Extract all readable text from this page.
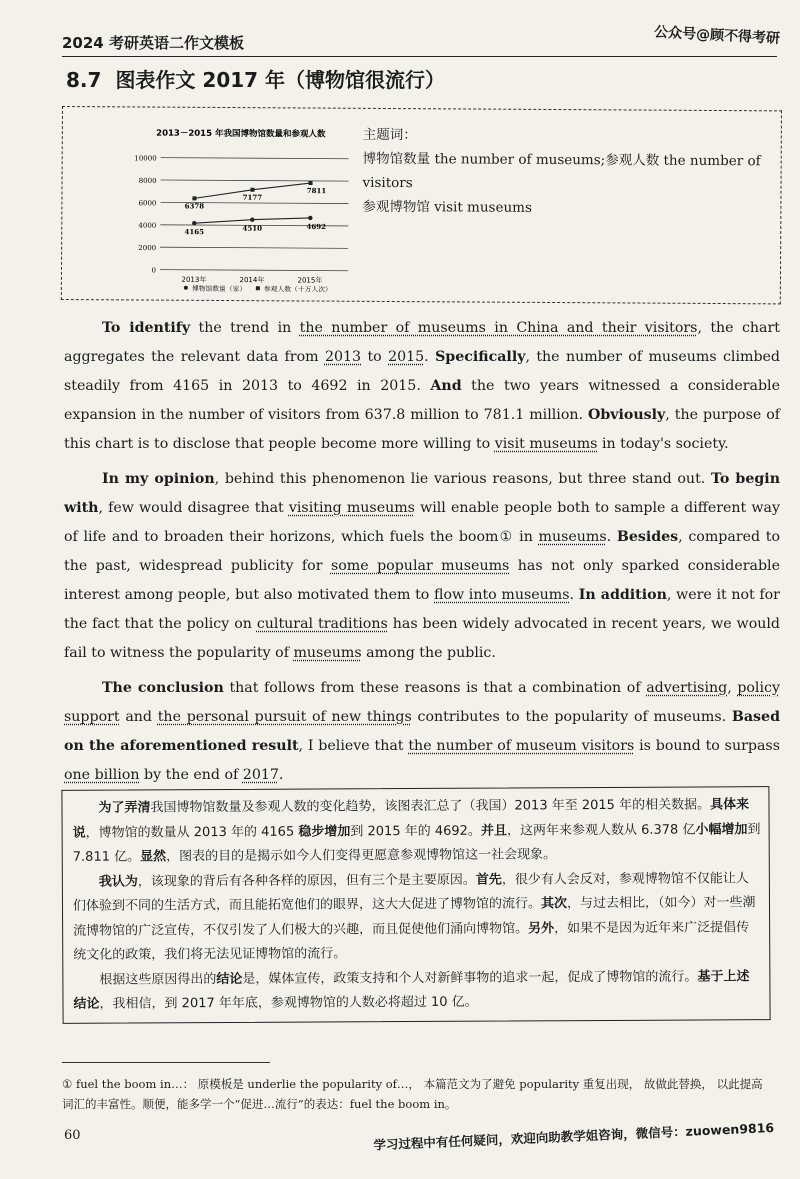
2024 考研英语二作文模板	公众号@顾不得考研
8.7 图表作文 2017 年（博物馆很流行）
2013－2015 年我国博物馆数量和参观人数
10000
8000
6000
4000
2000
0
2013年	2014年	2015年
4165	4510	4692
6378
7177
7811
博物馆数量（家）	参观人数（十万人次）
主题词：
博物馆数量 the number of museums;参观人数 the number of visitors
参观博物馆 visit museums

To identify the trend in the number of museums in China and their visitors, the chart aggregates the relevant data from 2013 to 2015. Specifically, the number of museums climbed steadily from 4165 in 2013 to 4692 in 2015. And the two years witnessed a considerable expansion in the number of visitors from 637.8 million to 781.1 million. Obviously, the purpose of this chart is to disclose that people become more willing to visit museums in today's society.

In my opinion, behind this phenomenon lie various reasons, but three stand out. To begin with, few would disagree that visiting museums will enable people both to sample a different way of life and to broaden their horizons, which fuels the boom① in museums. Besides, compared to the past, widespread publicity for some popular museums has not only sparked considerable interest among people, but also motivated them to flow into museums. In addition, were it not for the fact that the policy on cultural traditions has been widely advocated in recent years, we would fail to witness the popularity of museums among the public.

The conclusion that follows from these reasons is that a combination of advertising, policy support and the personal pursuit of new things contributes to the popularity of museums. Based on the aforementioned result, I believe that the number of museum visitors is bound to surpass one billion by the end of 2017.

为了弄清我国博物馆数量及参观人数的变化趋势，该图表汇总了（我国）2013 年至 2015 年的相关数据。具体来说，博物馆的数量从 2013 年的 4165 稳步增加到 2015 年的 4692。并且，这两年来参观人数从 6.378 亿小幅增加到 7.811 亿。显然，图表的目的是揭示如今人们变得更愿意参观博物馆这一社会现象。

我认为，该现象的背后有各种各样的原因，但有三个是主要原因。首先，很少有人会反对，参观博物馆不仅能让人们体验到不同的生活方式，而且能拓宽他们的眼界，这大大促进了博物馆的流行。其次，与过去相比，（如今）对一些潮流博物馆的广泛宣传，不仅引发了人们极大的兴趣，而且促使他们涌向博物馆。另外，如果不是因为近年来广泛提倡传统文化的政策，我们将无法见证博物馆的流行。

根据这些原因得出的结论是，媒体宣传，政策支持和个人对新鲜事物的追求一起，促成了博物馆的流行。基于上述结论，我相信，到 2017 年年底，参观博物馆的人数必将超过 10 亿。

① fuel the boom in…： 原模板是 underlie the popularity of…， 本篇范文为了避免 popularity 重复出现， 故做此替换， 以此提高词汇的丰富性。顺便，能多学一个“促进…流行”的表达：fuel the boom in。
60	学习过程中有任何疑问，欢迎向助教学姐咨询，微信号：zuowen9816
